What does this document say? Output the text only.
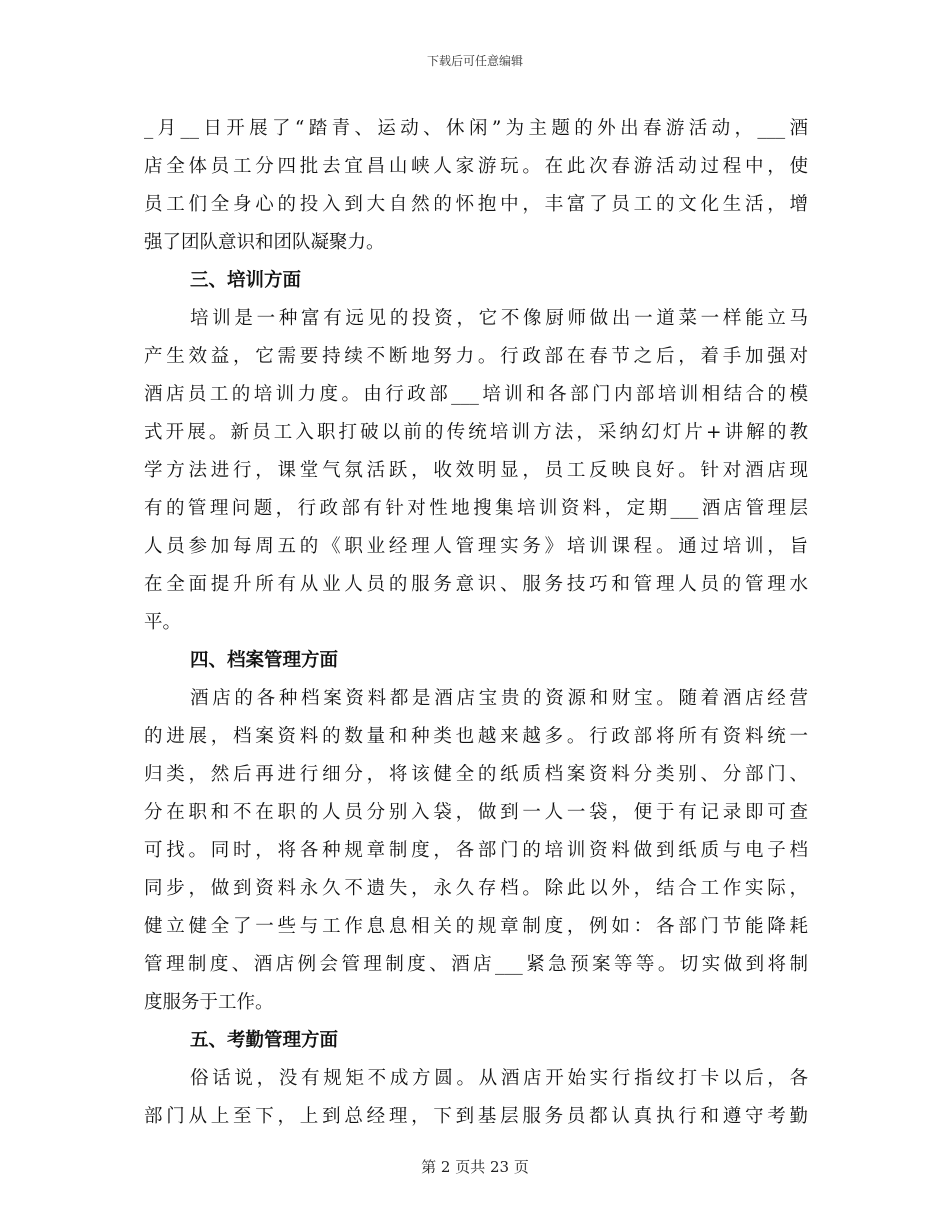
下载后可任意编辑
_月__日开展了“踏青、运动、休闲”为主题的外出春游活动，___酒
店全体员工分四批去宜昌山峡人家游玩。在此次春游活动过程中，使
员工们全身心的投入到大自然的怀抱中，丰富了员工的文化生活，增
强了团队意识和团队凝聚力。
三、培训方面
培训是一种富有远见的投资，它不像厨师做出一道菜一样能立马
产生效益，它需要持续不断地努力。行政部在春节之后，着手加强对
酒店员工的培训力度。由行政部___培训和各部门内部培训相结合的模
式开展。新员工入职打破以前的传统培训方法，采纳幻灯片+讲解的教
学方法进行，课堂气氛活跃，收效明显，员工反映良好。针对酒店现
有的管理问题，行政部有针对性地搜集培训资料，定期___酒店管理层
人员参加每周五的《职业经理人管理实务》培训课程。通过培训，旨
在全面提升所有从业人员的服务意识、服务技巧和管理人员的管理水
平。
四、档案管理方面
酒店的各种档案资料都是酒店宝贵的资源和财宝。随着酒店经营
的进展，档案资料的数量和种类也越来越多。行政部将所有资料统一
归类，然后再进行细分，将该健全的纸质档案资料分类别、分部门、
分在职和不在职的人员分别入袋，做到一人一袋，便于有记录即可查
可找。同时，将各种规章制度，各部门的培训资料做到纸质与电子档
同步，做到资料永久不遗失，永久存档。除此以外，结合工作实际，
健立健全了一些与工作息息相关的规章制度，例如：各部门节能降耗
管理制度、酒店例会管理制度、酒店___紧急预案等等。切实做到将制
度服务于工作。
五、考勤管理方面
俗话说，没有规矩不成方圆。从酒店开始实行指纹打卡以后，各
部门从上至下，上到总经理，下到基层服务员都认真执行和遵守考勤
第 2 页共 23 页
